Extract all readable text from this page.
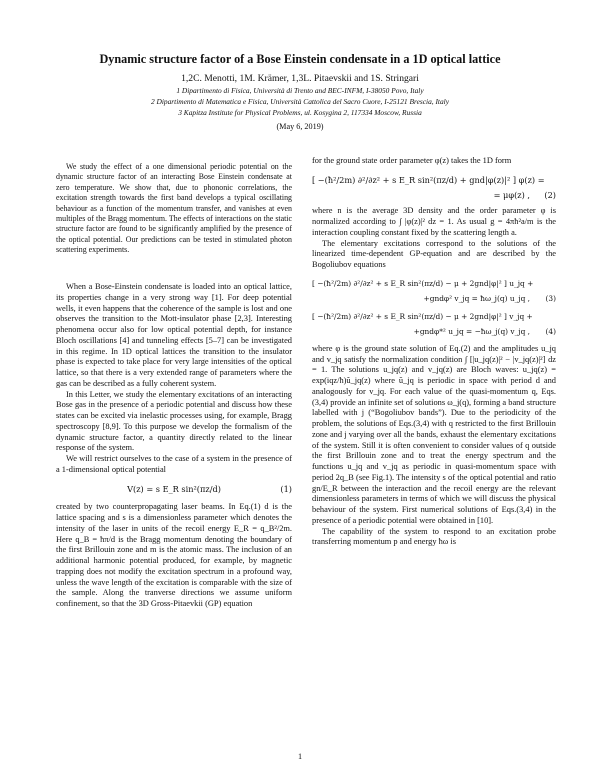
Dynamic structure factor of a Bose Einstein condensate in a 1D optical lattice
1,2C. Menotti, 1M. Krämer, 1,3L. Pitaevskii and 1S. Stringari
1 Dipartimento di Fisica, Università di Trento and BEC-INFM, I-38050 Povo, Italy
2 Dipartimento di Matematica e Fisica, Università Cattolica del Sacro Cuore, I-25121 Brescia, Italy
3 Kapitza Institute for Physical Problems, ul. Kosygina 2, 117334 Moscow, Russia
(May 6, 2019)

We study the effect of a one dimensional periodic potential on the dynamic structure factor of an interacting Bose Einstein condensate at zero temperature. We show that, due to phononic correlations, the excitation strength towards the first band develops a typical oscillating behaviour as a function of the momentum transfer, and vanishes at even multiples of the Bragg momentum. The effects of interactions on the static structure factor are found to be significantly amplified by the presence of the optical potential. Our predictions can be tested in stimulated photon scattering experiments.

When a Bose-Einstein condensate is loaded into an optical lattice, its properties change in a very strong way [1]. For deep potential wells, it even happens that the coherence of the sample is lost and one observes the transition to the Mott-insulator phase [2,3]. Interesting phenomena occur also for low optical potential depth, for instance Bloch oscillations [4] and tunneling effects [5–7] can be investigated in this regime. In 1D optical lattices the transition to the insulator phase is expected to take place for very large intensities of the optical lattice, so that there is a very extended range of parameters where the gas can be described as a fully coherent system.

In this Letter, we study the elementary excitations of an interacting Bose gas in the presence of a periodic potential and discuss how these states can be excited via inelastic processes using, for example, Bragg spectroscopy [8,9]. To this purpose we develop the formalism of the dynamic structure factor, a quantity directly related to the linear response of the system.

We will restrict ourselves to the case of a system in the presence of a 1-dimensional optical potential

V(z) = s E_R sin²(πz/d)	(1)

created by two counterpropagating laser beams. In Eq.(1) d is the lattice spacing and s is a dimensionless parameter which denotes the intensity of the laser in units of the recoil energy E_R = q_B²/2m. Here q_B = ħπ/d is the Bragg momentum denoting the boundary of the first Brillouin zone and m is the atomic mass. The inclusion of an additional harmonic potential produced, for example, by magnetic trapping does not modify the excitation spectrum in a profound way, unless the wave length of the excitation is comparable with the size of the sample. Along the tranverse directions we assume uniform confinement, so that the 3D Gross-Pitaevkii (GP) equation

for the ground state order parameter φ(z) takes the 1D form

[ −(ħ²/2m) ∂²/∂z² + s E_R sin²(πz/d) + gnd|φ(z)|² ] φ(z) =
= μφ(z) ,	(2)

where n is the average 3D density and the order parameter φ is normalized according to ∫ |φ(z)|² dz = 1. As usual g = 4πħ²a/m is the interaction coupling constant fixed by the scattering length a.

The elementary excitations correspond to the solutions of the linearized time-dependent GP-equation and are described by the Bogoliubov equations

[ −(ħ²/2m) ∂²/∂z² + s E_R sin²(πz/d) − μ + 2gnd|φ|² ] u_jq +
+gndφ² v_jq = ħω_j(q) u_jq ,	(3)
[ −(ħ²/2m) ∂²/∂z² + s E_R sin²(πz/d) − μ + 2gnd|φ|² ] v_jq +
+gndφ*² u_jq = −ħω_j(q) v_jq ,	(4)

where φ is the ground state solution of Eq.(2) and the amplitudes u_jq and v_jq satisfy the normalization condition ∫ [|u_jq(z)|² − |v_jq(z)|²] dz = 1. The solutions u_jq(z) and v_jq(z) are Bloch waves: u_jq(z) = exp(iqz/ħ)ũ_jq(z) where ũ_jq is periodic in space with period d and analogously for v_jq. For each value of the quasi-momentum q, Eqs.(3,4) provide an infinite set of solutions ω_j(q), forming a band structure labelled with j (“Bogoliubov bands”). Due to the periodicity of the problem, the solutions of Eqs.(3,4) with q restricted to the first Brillouin zone and j varying over all the bands, exhaust the elementary excitations of the system. Still it is often convenient to consider values of q outside the first Brillouin zone and to treat the energy spectrum and the functions u_jq and v_jq as periodic in quasi-momentum space with period 2q_B (see Fig.1). The intensity s of the optical potential and ratio gn/E_R between the interaction and the recoil energy are the relevant dimensionless parameters in terms of which we will discuss the physical behaviour of the system. First numerical solutions of Eqs.(3,4) in the presence of a periodic potential were obtained in [10].

The capability of the system to respond to an excitation probe transferring momentum p and energy ħω is

1
